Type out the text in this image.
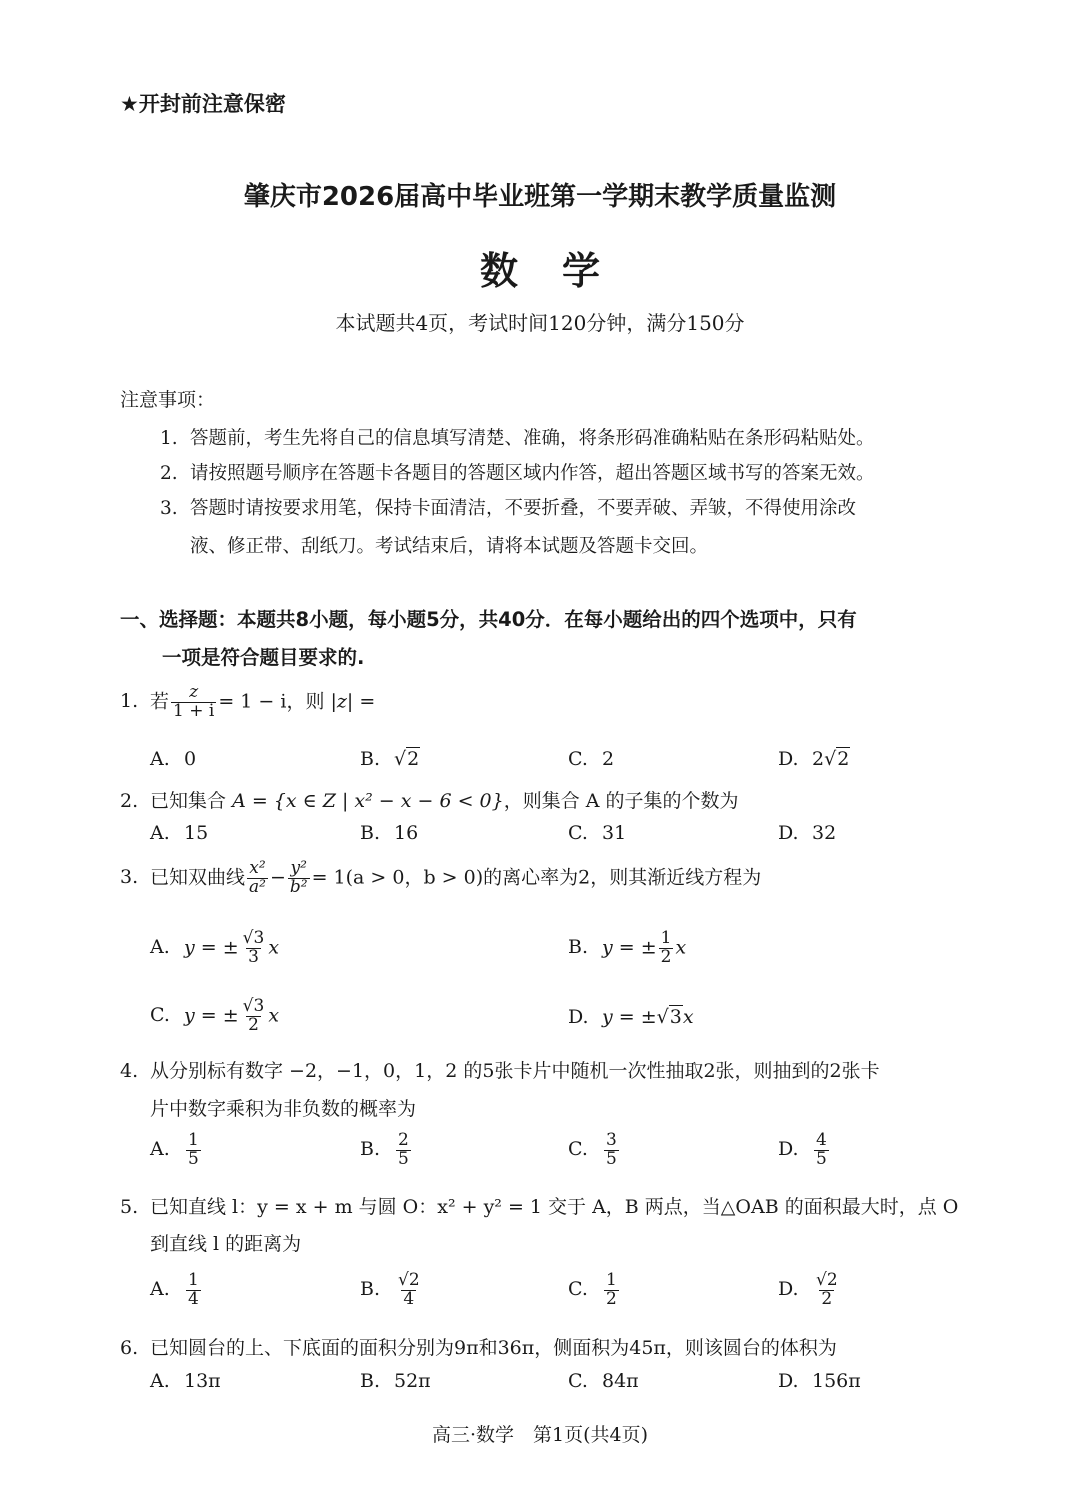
★开封前注意保密
肇庆市2026届高中毕业班第一学期末教学质量监测
数 学
本试题共4页，考试时间120分钟，满分150分
注意事项：
1. 答题前，考生先将自己的信息填写清楚、准确，将条形码准确粘贴在条形码粘贴处。
2. 请按照题号顺序在答题卡各题目的答题区域内作答，超出答题区域书写的答案无效。
3. 答题时请按要求用笔，保持卡面清洁，不要折叠，不要弄破、弄皱，不得使用涂改
液、修正带、刮纸刀。考试结束后，请将本试题及答题卡交回。
一、选择题：本题共8小题，每小题5分，共40分．在每小题给出的四个选项中，只有
一项是符合题目要求的.
1. 若 $\frac{z}{1 + i} = 1 - i$，则 |z| =
A. 0	B. √2	C. 2	D. 2√2
2. 已知集合 A = {x ∈ Z | x² − x − 6 < 0}，则集合 A 的子集的个数为
A. 15	B. 16	C. 31	D. 32
3. 已知双曲线 $\frac{\text{x²}}{\text{a²}} - \frac{\text{y²}}{\text{b²}} = 1(a > 0$，b > 0)的离心率为2，则其渐近线方程为
A. y = ± $\frac{√3}{3}$ x	B. y = ± $\frac{1}{2}$ x
C. y = ± $\frac{√3}{2}$ x	D. y = ±√3x
4. 从分别标有数字 −2，−1，0，1，2 的5张卡片中随机一次性抽取2张，则抽到的2张卡
片中数字乘积为非负数的概率为
A. $\frac{1}{5}$	B. $\frac{2}{5}$	C. $\frac{3}{5}$	D. $\frac{4}{5}$
5. 已知直线 l：y = x + m 与圆 O：x² + y² = 1 交于 A，B 两点，当△OAB 的面积最大时，点 O
到直线 l 的距离为
A. $\frac{1}{4}$	B. $\frac{√2}{4}$	C. $\frac{1}{2}$	D. $\frac{√2}{2}$
6. 已知圆台的上、下底面的面积分别为9π和36π，侧面积为45π，则该圆台的体积为
A. 13π	B. 52π	C. 84π	D. 156π
高三·数学　第1页(共4页)
